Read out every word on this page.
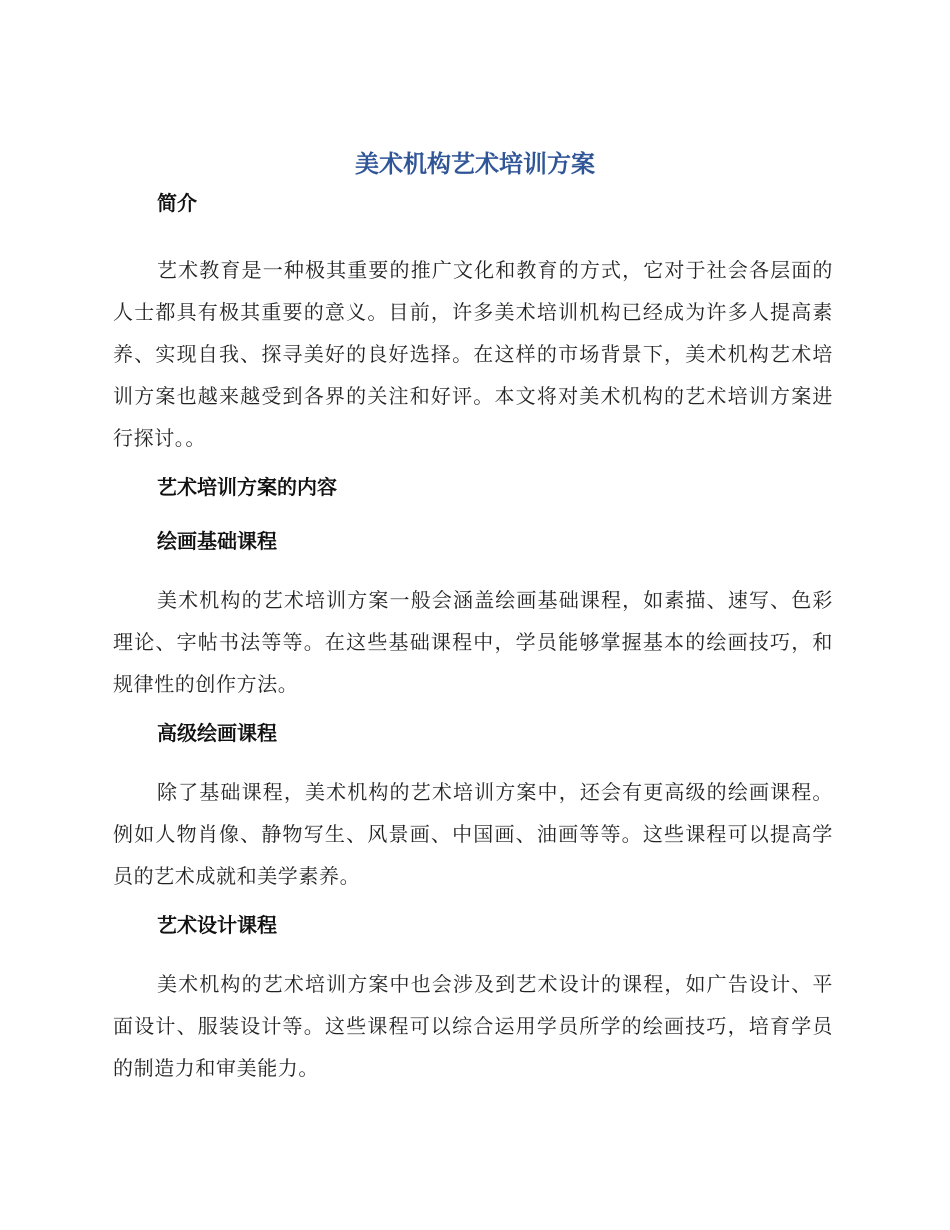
美术机构艺术培训方案
简介

艺术教育是一种极其重要的推广文化和教育的方式，它对于社会各层面的人士都具有极其重要的意义。目前，许多美术培训机构已经成为许多人提高素养、实现自我、探寻美好的良好选择。在这样的市场背景下，美术机构艺术培训方案也越来越受到各界的关注和好评。本文将对美术机构的艺术培训方案进行探讨。。

艺术培训方案的内容
绘画基础课程

美术机构的艺术培训方案一般会涵盖绘画基础课程，如素描、速写、色彩理论、字帖书法等等。在这些基础课程中，学员能够掌握基本的绘画技巧，和规律性的创作方法。

高级绘画课程

除了基础课程，美术机构的艺术培训方案中，还会有更高级的绘画课程。例如人物肖像、静物写生、风景画、中国画、油画等等。这些课程可以提高学员的艺术成就和美学素养。

艺术设计课程

美术机构的艺术培训方案中也会涉及到艺术设计的课程，如广告设计、平面设计、服装设计等。这些课程可以综合运用学员所学的绘画技巧，培育学员的制造力和审美能力。
